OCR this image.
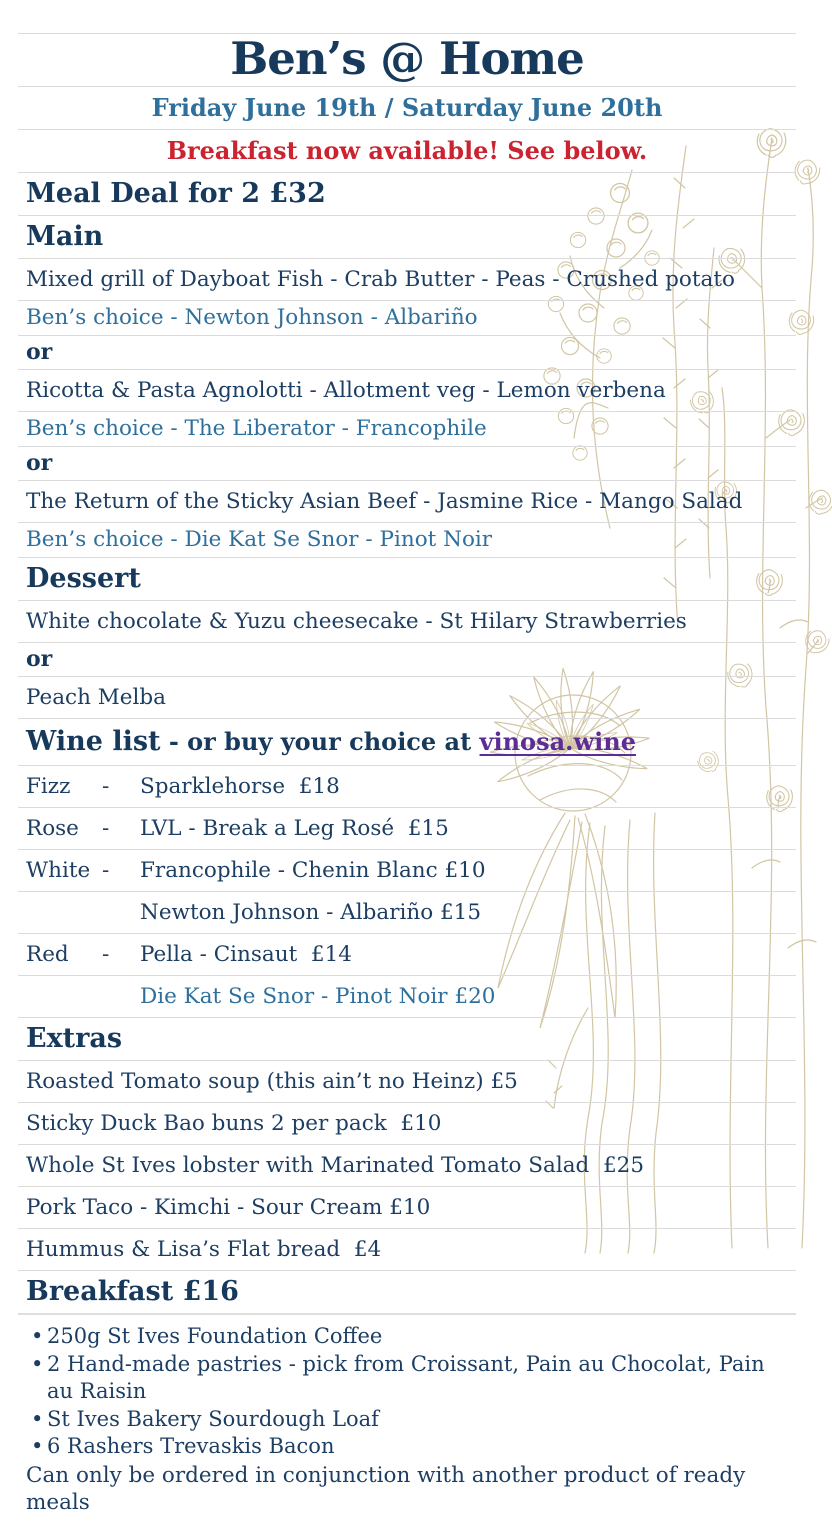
Ben’s @ Home
Friday June 19th / Saturday June 20th
Breakfast now available! See below.
Meal Deal for 2 £32
Main
Mixed grill of Dayboat Fish - Crab Butter - Peas - Crushed potato
Ben’s choice - Newton Johnson - Albariño
or
Ricotta & Pasta Agnolotti - Allotment veg - Lemon verbena
Ben’s choice - The Liberator - Francophile
or
The Return of the Sticky Asian Beef - Jasmine Rice - Mango Salad
Ben’s choice - Die Kat Se Snor - Pinot Noir
Dessert
White chocolate & Yuzu cheesecake - St Hilary Strawberries
or
Peach Melba
Wine list - or buy your choice at vinosa.wine
Fizz	-	Sparklehorse  £18
Rose	-	LVL - Break a Leg Rosé  £15
White -	Francophile - Chenin Blanc £10
Newton Johnson - Albariño £15
Red	-	Pella - Cinsaut  £14
Die Kat Se Snor - Pinot Noir £20
Extras
Roasted Tomato soup (this ain’t no Heinz) £5
Sticky Duck Bao buns 2 per pack  £10
Whole St Ives lobster with Marinated Tomato Salad  £25
Pork Taco - Kimchi - Sour Cream £10
Hummus & Lisa’s Flat bread  £4
Breakfast £16
• 250g St Ives Foundation Coffee
• 2 Hand-made pastries - pick from Croissant, Pain au Chocolat, Pain au Raisin
• St Ives Bakery Sourdough Loaf
• 6 Rashers Trevaskis Bacon
Can only be ordered in conjunction with another product of ready meals
